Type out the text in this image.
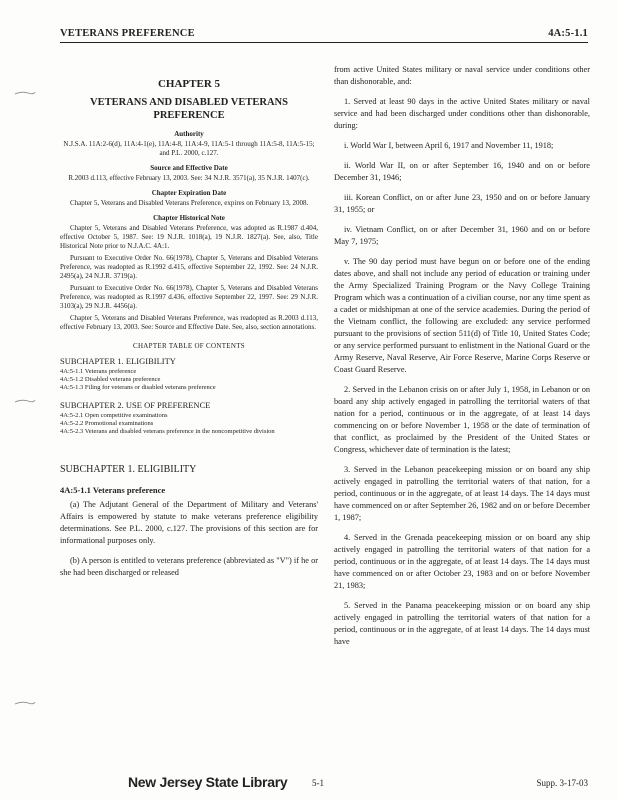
VETERANS PREFERENCE	4A:5-1.1
CHAPTER 5
VETERANS AND DISABLED VETERANS PREFERENCE
Authority
N.J.S.A. 11A:2-6(d), 11A:4-1(e), 11A:4-8, 11A:4-9, 11A:5-1 through 11A:5-8, 11A:5-15; and P.L. 2000, c.127.
Source and Effective Date
R.2003 d.113, effective February 13, 2003. See: 34 N.J.R. 3571(a), 35 N.J.R. 1407(c).
Chapter Expiration Date
Chapter 5, Veterans and Disabled Veterans Preference, expires on February 13, 2008.
Chapter Historical Note
Chapter 5, Veterans and Disabled Veterans Preference, was adopted as R.1987 d.404, effective October 5, 1987. See: 19 N.J.R. 1018(a), 19 N.J.R. 1827(a). See, also, Title Historical Note prior to N.J.A.C. 4A:1.
Pursuant to Executive Order No. 66(1978), Chapter 5, Veterans and Disabled Veterans Preference, was readopted as R.1992 d.415, effective September 22, 1992. See: 24 N.J.R. 2495(a), 24 N.J.R. 3719(a).
Pursuant to Executive Order No. 66(1978), Chapter 5, Veterans and Disabled Veterans Preference, was readopted as R.1997 d.436, effective September 22, 1997. See: 29 N.J.R. 3103(a), 29 N.J.R. 4456(a).
Chapter 5, Veterans and Disabled Veterans Preference, was readopted as R.2003 d.113, effective February 13, 2003. See: Source and Effective Date. See, also, section annotations.
CHAPTER TABLE OF CONTENTS
SUBCHAPTER 1. ELIGIBILITY

4A:5-1.1 Veterans preference

4A:5-1.2 Disabled veterans preference

4A:5-1.3 Filing for veterans or disabled veterans preference

SUBCHAPTER 2. USE OF PREFERENCE

4A:5-2.1 Open competitive examinations

4A:5-2.2 Promotional examinations

4A:5-2.3 Veterans and disabled veterans preference in the noncompetitive division

SUBCHAPTER 1. ELIGIBILITY
4A:5-1.1 Veterans preference

(a) The Adjutant General of the Department of Military and Veterans' Affairs is empowered by statute to make veterans preference eligibility determinations. See P.L. 2000, c.127. The provisions of this section are for informational purposes only.

(b) A person is entitled to veterans preference (abbreviated as "V") if he or she had been discharged or released

from active United States military or naval service under conditions other than dishonorable, and:

1. Served at least 90 days in the active United States military or naval service and had been discharged under conditions other than dishonorable, during:

i. World War I, between April 6, 1917 and November 11, 1918;

ii. World War II, on or after September 16, 1940 and on or before December 31, 1946;

iii. Korean Conflict, on or after June 23, 1950 and on or before January 31, 1955; or

iv. Vietnam Conflict, on or after December 31, 1960 and on or before May 7, 1975;

v. The 90 day period must have begun on or before one of the ending dates above, and shall not include any period of education or training under the Army Specialized Training Program or the Navy College Training Program which was a continuation of a civilian course, nor any time spent as a cadet or midshipman at one of the service academies. During the period of the Vietnam conflict, the following are excluded: any service performed pursuant to the provisions of section 511(d) of Title 10, United States Code; or any service performed pursuant to enlistment in the National Guard or the Army Reserve, Naval Reserve, Air Force Reserve, Marine Corps Reserve or Coast Guard Reserve.

2. Served in the Lebanon crisis on or after July 1, 1958, in Lebanon or on board any ship actively engaged in patrolling the territorial waters of that nation for a period, continuous or in the aggregate, of at least 14 days commencing on or before November 1, 1958 or the date of termination of that conflict, as proclaimed by the President of the United States or Congress, whichever date of termination is the latest;

3. Served in the Lebanon peacekeeping mission or on board any ship actively engaged in patrolling the territorial waters of that nation, for a period, continuous or in the aggregate, of at least 14 days. The 14 days must have commenced on or after September 26, 1982 and on or before December 1, 1987;

4. Served in the Grenada peacekeeping mission or on board any ship actively engaged in patrolling the territorial waters of that nation for a period, continuous or in the aggregate, of at least 14 days. The 14 days must have commenced on or after October 23, 1983 and on or before November 21, 1983;

5. Served in the Panama peacekeeping mission or on board any ship actively engaged in patrolling the territorial waters of that nation for a period, continuous or in the aggregate, of at least 14 days. The 14 days must have

New Jersey State Library	5-1	Supp. 3-17-03
